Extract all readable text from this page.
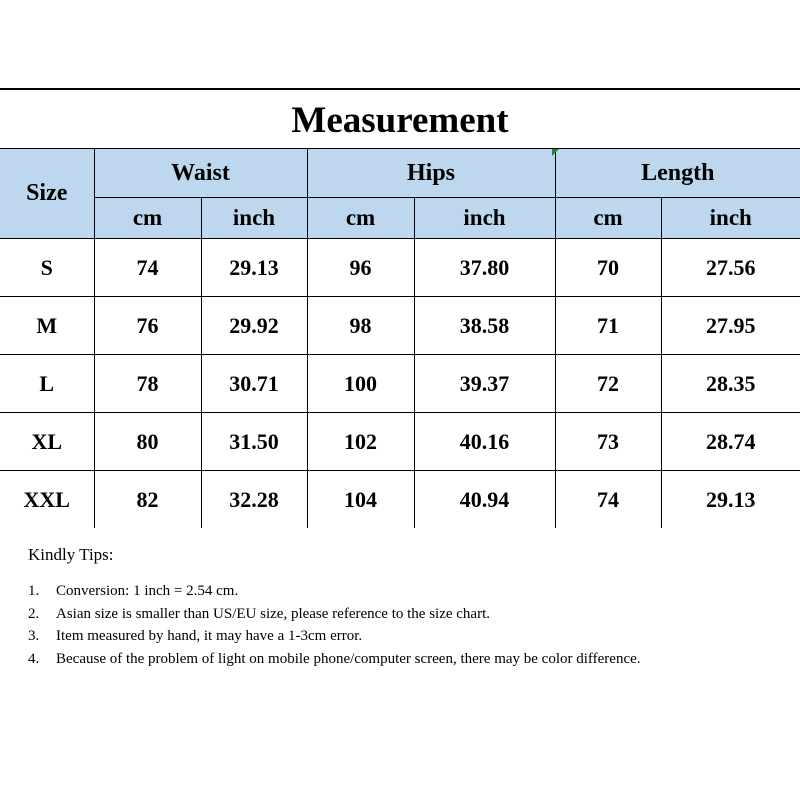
Measurement
Size	Waist		Hips		Length	
	cm	inch	cm	inch	cm	inch
S	74	29.13	96	37.80	70	27.56
M	76	29.92	98	38.58	71	27.95
L	78	30.71	100	39.37	72	28.35
XL	80	31.50	102	40.16	73	28.74
XXL	82	32.28	104	40.94	74	29.13
Kindly Tips:
1. Conversion: 1 inch = 2.54 cm.
2. Asian size is smaller than US/EU size, please reference to the size chart.
3. Item measured by hand, it may have a 1-3cm error.
4. Because of the problem of light on mobile phone/computer screen, there may be color difference.
